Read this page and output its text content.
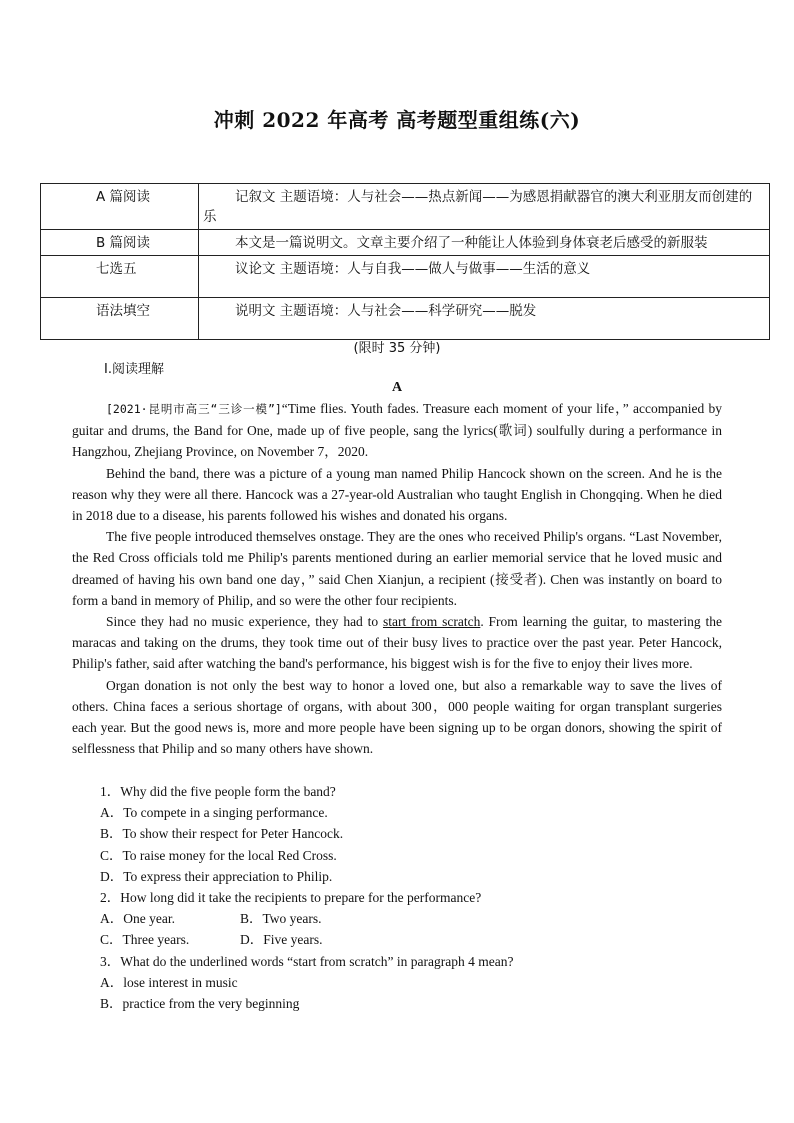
冲刺 2022 年高考 高考题型重组练(六)
A 篇阅读	记叙文 主题语境：人与社会——热点新闻——为感恩捐献器官的澳大利亚朋友而创建的乐
B 篇阅读	本文是一篇说明文。文章主要介绍了一种能让人体验到身体衰老后感受的新服装
七选五	议论文 主题语境：人与自我——做人与做事——生活的意义
语法填空	说明文 主题语境：人与社会——科学研究——脱发
(限时 35 分钟)
Ⅰ.阅读理解
A

[2021·昆明市高三“三诊一模”]“Time flies. Youth fades. Treasure each moment of your life，” accompanied by guitar and drums, the Band for One, made up of five people, sang the lyrics(歌词) soulfully during a performance in Hangzhou, Zhejiang Province, on November 7，2020.

Behind the band, there was a picture of a young man named Philip Hancock shown on the screen. And he is the reason why they were all there. Hancock was a 27-year-old Australian who taught English in Chongqing. When he died in 2018 due to a disease, his parents followed his wishes and donated his organs.

The five people introduced themselves onstage. They are the ones who received Philip's organs. “Last November, the Red Cross officials told me Philip's parents mentioned during an earlier memorial service that he loved music and dreamed of having his own band one day，” said Chen Xianjun, a recipient (接受者). Chen was instantly on board to form a band in memory of Philip, and so were the other four recipients.

Since they had no music experience, they had to start from scratch. From learning the guitar, to mastering the maracas and taking on the drums, they took time out of their busy lives to practice over the past year. Peter Hancock, Philip's father, said after watching the band's performance, his biggest wish is for the five to enjoy their lives more.

Organ donation is not only the best way to honor a loved one, but also a remarkable way to save the lives of others. China faces a serious shortage of organs, with about 300，000 people waiting for organ transplant surgeries each year. But the good news is, more and more people have been signing up to be organ donors, showing the spirit of selflessness that Philip and so many others have shown.

1．Why did the five people form the band?

A．To compete in a singing performance.

B．To show their respect for Peter Hancock.

C．To raise money for the local Red Cross.

D．To express their appreciation to Philip.

2．How long did it take the recipients to prepare for the performance?

A．One year.	B．Two years.
C．Three years.	D．Five years.

3．What do the underlined words “start from scratch” in paragraph 4 mean?

A．lose interest in music

B．practice from the very beginning
